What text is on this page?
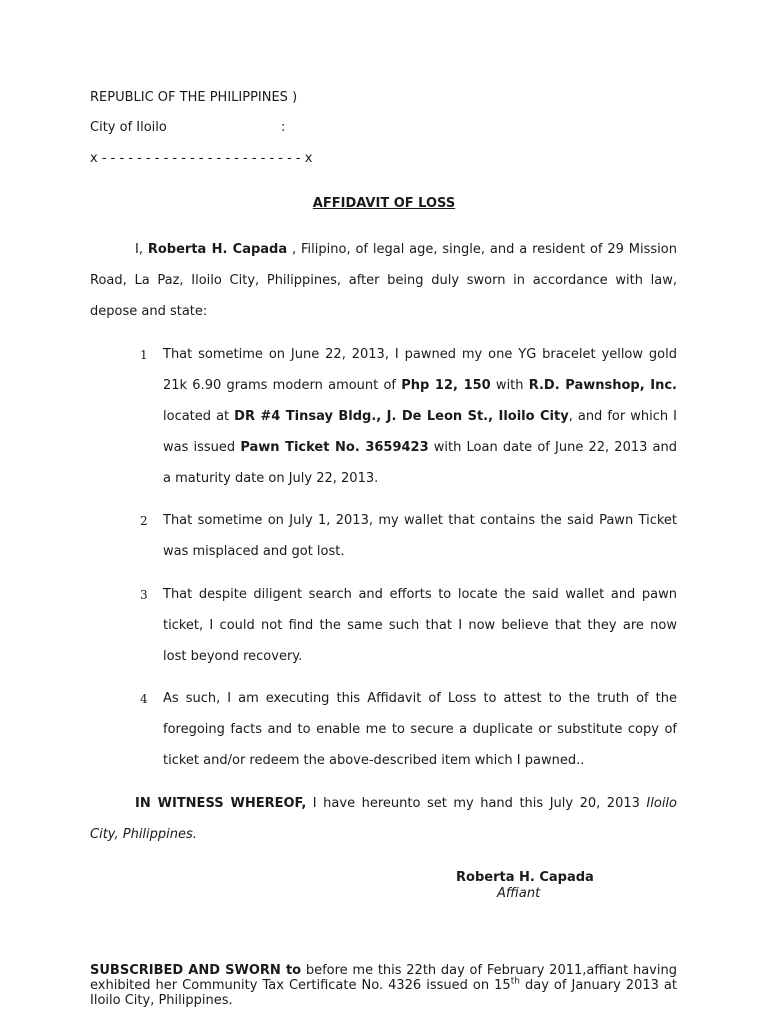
REPUBLIC OF THE PHILIPPINES )
City of Iloilo	:
x - - - - - - - - - - - - - - - - - - - - - - - x
AFFIDAVIT OF LOSS
I, Roberta H. Capada , Filipino, of legal age, single, and a resident of 29 Mission
Road, La Paz, Iloilo City, Philippines, after being duly sworn in accordance with law,
depose and state:
1 That sometime on June 22, 2013, I pawned my one YG bracelet yellow gold
21k 6.90 grams modern amount of Php 12, 150 with R.D. Pawnshop, Inc.
located at DR #4 Tinsay Bldg., J. De Leon St., Iloilo City, and for which I
was issued Pawn Ticket No. 3659423 with Loan date of June 22, 2013 and
a maturity date on July 22, 2013.
2 That sometime on July 1, 2013, my wallet that contains the said Pawn Ticket
was misplaced and got lost.
3 That despite diligent search and efforts to locate the said wallet and pawn
ticket, I could not find the same such that I now believe that they are now
lost beyond recovery.
4 As such, I am executing this Affidavit of Loss to attest to the truth of the
foregoing facts and to enable me to secure a duplicate or substitute copy of
ticket and/or redeem the above-described item which I pawned..
IN WITNESS WHEREOF, I have hereunto set my hand this July 20, 2013 Iloilo
City, Philippines.
Roberta H. Capada
Affiant
SUBSCRIBED AND SWORN to before me this 22th day of February 2011,affiant having exhibited her Community Tax Certificate No. 4326 issued on 15th day of January 2013 at Iloilo City, Philippines.
